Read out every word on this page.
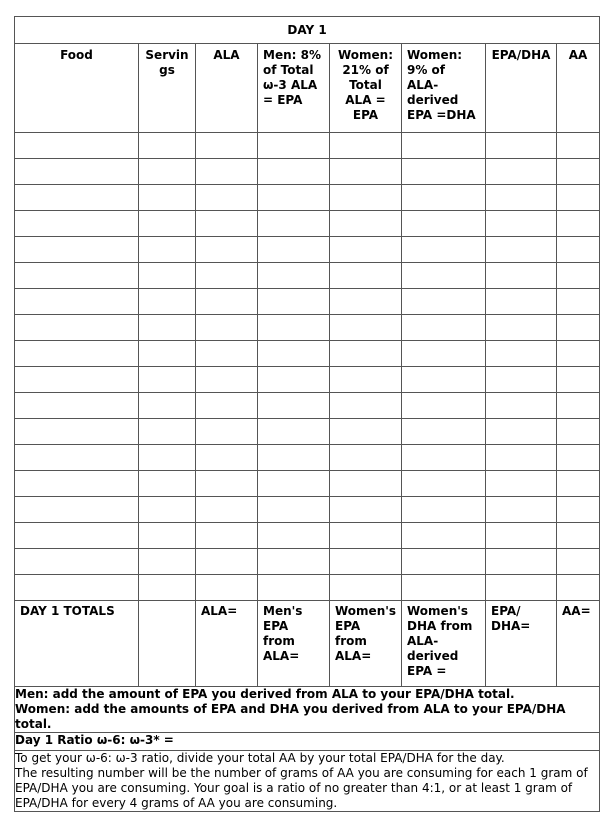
DAY 1							
Food	Servin gs	ALA	Men: 8% of Total ω-3 ALA = EPA	Women: 21% of Total ALA = EPA	Women: 9% of ALA-derived EPA =DHA	EPA/DHA	AA

DAY 1 TOTALS		ALA=	Men's EPA from ALA=	Women's EPA from ALA=	Women's DHA from ALA-derived EPA =	EPA/ DHA=	AA=

Men: add the amount of EPA you derived from ALA to your EPA/DHA total.
Women: add the amounts of EPA and DHA you derived from ALA to your EPA/DHA total.							

Day 1 Ratio ω-6: ω-3* =							

To get your ω-6: ω-3 ratio, divide your total AA by your total EPA/DHA for the day.
The resulting number will be the number of grams of AA you are consuming for each 1 gram of EPA/DHA you are consuming. Your goal is a ratio of no greater than 4:1, or at least 1 gram of EPA/DHA for every 4 grams of AA you are consuming.							
